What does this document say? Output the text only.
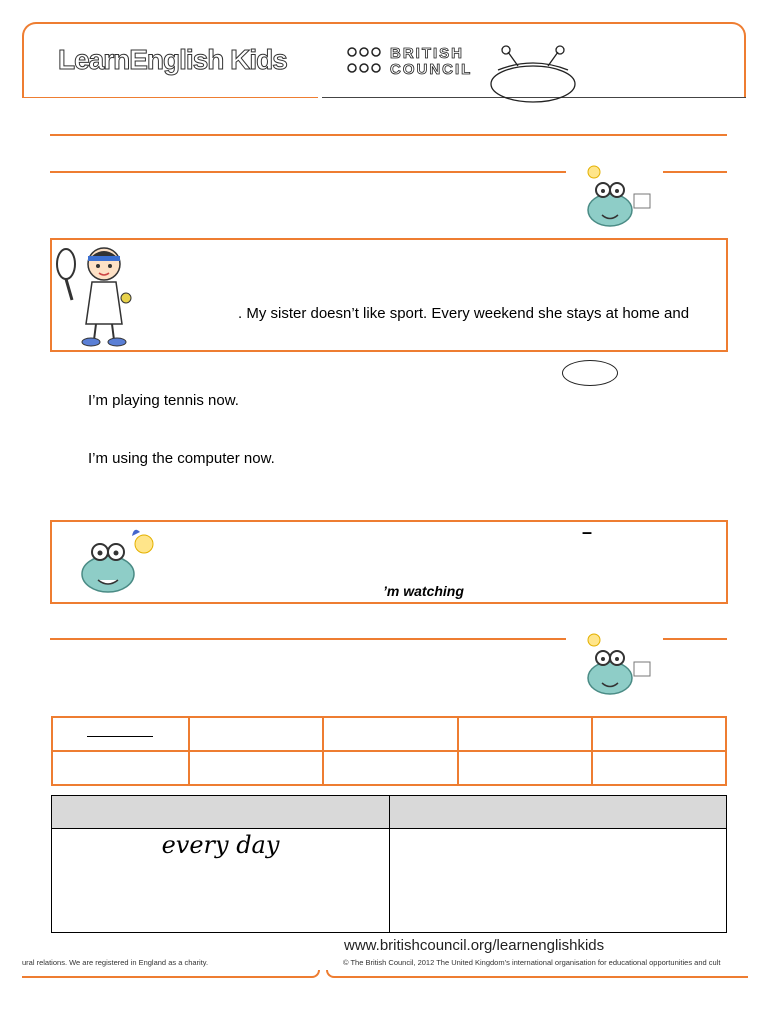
LearnEnglish Kids	BRITISH
COUNCIL
. My sister doesn’t like sport. Every weekend she stays at home and
I’m playing tennis now.
I’m using the computer now.
–
’m watching

every day	
www.britishcouncil.org/learnenglishkids
ural relations. We are registered in England as a charity.	© The British Council, 2012 The United Kingdom’s international organisation for educational opportunities and cult
